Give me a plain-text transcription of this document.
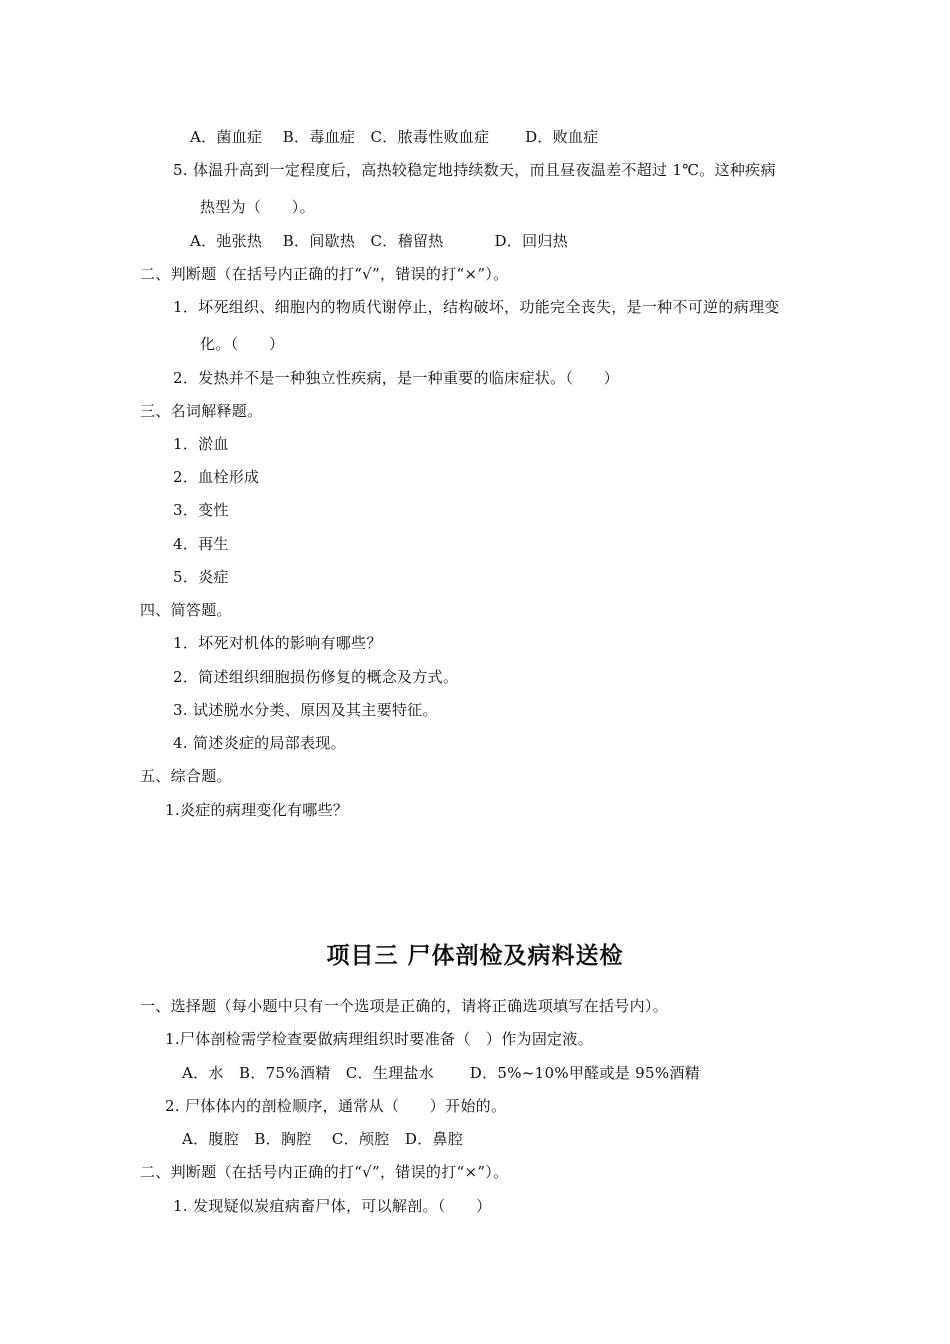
A．菌血症　 B．毒血症　C．脓毒性败血症　　 D．败血症
5. 体温升高到一定程度后，高热较稳定地持续数天，而且昼夜温差不超过 1℃。这种疾病
热型为（　　）。
A．弛张热　 B．间歇热　C．稽留热　　　 D．回归热
二、判断题（在括号内正确的打“√”，错误的打“×”）。
1．坏死组织、细胞内的物质代谢停止，结构破坏，功能完全丧失，是一种不可逆的病理变
化。（　　）
2．发热并不是一种独立性疾病，是一种重要的临床症状。（　　）
三、名词解释题。
1．淤血
2．血栓形成
3．变性
4．再生
5．炎症
四、简答题。
1．坏死对机体的影响有哪些？
2．简述组织细胞损伤修复的概念及方式。
3. 试述脱水分类、原因及其主要特征。
4. 简述炎症的局部表现。
五、综合题。
1.炎症的病理变化有哪些？
项目三 尸体剖检及病料送检
一、选择题（每小题中只有一个选项是正确的，请将正确选项填写在括号内）。
1.尸体剖检需学检查要做病理组织时要准备（　）作为固定液。
A．水　B．75%酒精　C．生理盐水　　 D．5%~10%甲醛或是 95%酒精
2. 尸体体内的剖检顺序，通常从（　　）开始的。
A．腹腔　B．胸腔　 C．颅腔　D．鼻腔
二、判断题（在括号内正确的打“√”，错误的打“×”）。
1. 发现疑似炭疽病畜尸体，可以解剖。（　　）
